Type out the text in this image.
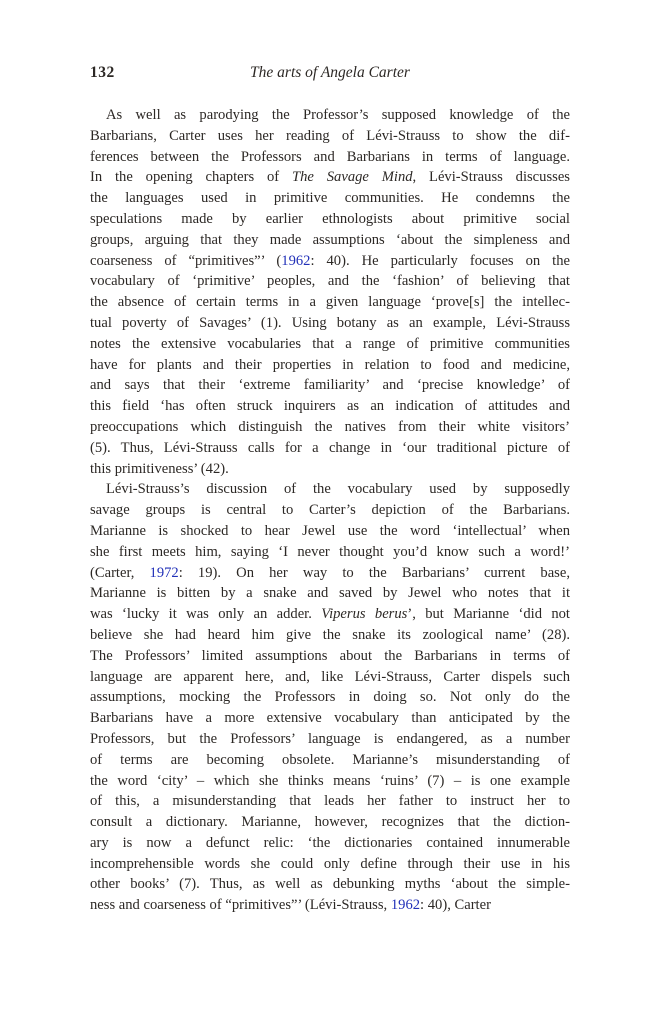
132	The arts of Angela Carter
As well as parodying the Professor’s supposed knowledge of the
Barbarians, Carter uses her reading of Lévi-Strauss to show the dif-
ferences between the Professors and Barbarians in terms of language.
In the opening chapters of The Savage Mind, Lévi-Strauss discusses
the languages used in primitive communities. He condemns the
speculations made by earlier ethnologists about primitive social
groups, arguing that they made assumptions ‘about the simpleness and
coarseness of “primitives”’ (1962: 40). He particularly focuses on the
vocabulary of ‘primitive’ peoples, and the ‘fashion’ of believing that
the absence of certain terms in a given language ‘prove[s] the intellec-
tual poverty of Savages’ (1). Using botany as an example, Lévi-Strauss
notes the extensive vocabularies that a range of primitive communities
have for plants and their properties in relation to food and medicine,
and says that their ‘extreme familiarity’ and ‘precise knowledge’ of
this field ‘has often struck inquirers as an indication of attitudes and
preoccupations which distinguish the natives from their white visitors’
(5). Thus, Lévi-Strauss calls for a change in ‘our traditional picture of
this primitiveness’ (42).
Lévi-Strauss’s discussion of the vocabulary used by supposedly
savage groups is central to Carter’s depiction of the Barbarians.
Marianne is shocked to hear Jewel use the word ‘intellectual’ when
she first meets him, saying ‘I never thought you’d know such a word!’
(Carter, 1972: 19). On her way to the Barbarians’ current base,
Marianne is bitten by a snake and saved by Jewel who notes that it
was ‘lucky it was only an adder. Viperus berus’, but Marianne ‘did not
believe she had heard him give the snake its zoological name’ (28).
The Professors’ limited assumptions about the Barbarians in terms of
language are apparent here, and, like Lévi-Strauss, Carter dispels such
assumptions, mocking the Professors in doing so. Not only do the
Barbarians have a more extensive vocabulary than anticipated by the
Professors, but the Professors’ language is endangered, as a number
of terms are becoming obsolete. Marianne’s misunderstanding of
the word ‘city’ – which she thinks means ‘ruins’ (7) – is one example
of this, a misunderstanding that leads her father to instruct her to
consult a dictionary. Marianne, however, recognizes that the diction-
ary is now a defunct relic: ‘the dictionaries contained innumerable
incomprehensible words she could only define through their use in his
other books’ (7). Thus, as well as debunking myths ‘about the simple-
ness and coarseness of “primitives”’ (Lévi-Strauss, 1962: 40), Carter
